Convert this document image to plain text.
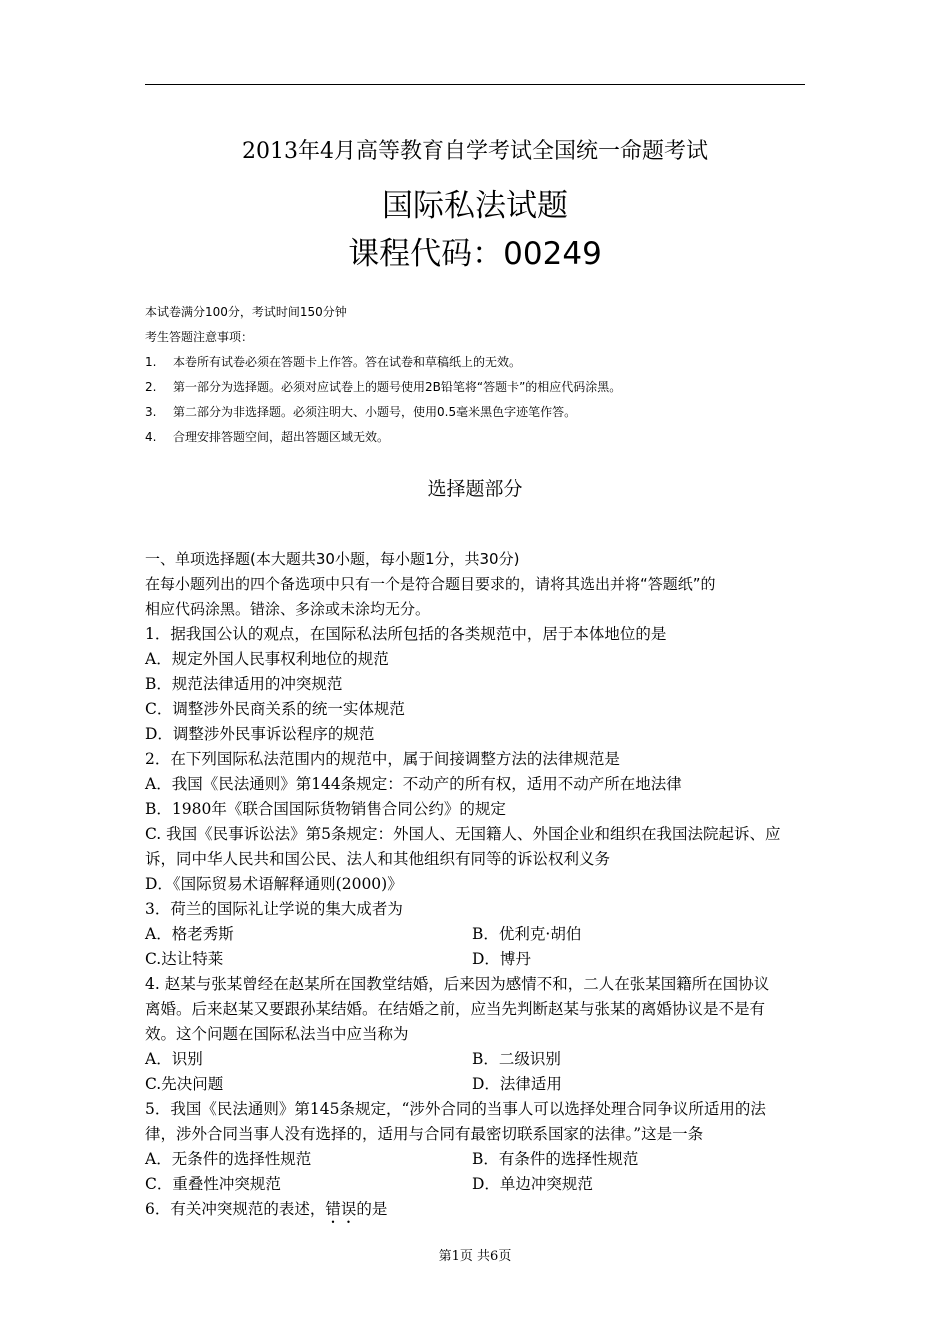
2013年4月高等教育自学考试全国统一命题考试
国际私法试题
课程代码：00249
本试卷满分100分，考试时间150分钟
考生答题注意事项：
1. 本卷所有试卷必须在答题卡上作答。答在试卷和草稿纸上的无效。
2. 第一部分为选择题。必须对应试卷上的题号使用2B铅笔将“答题卡”的相应代码涂黑。
3. 第二部分为非选择题。必须注明大、小题号，使用0.5毫米黑色字迹笔作答。
4. 合理安排答题空间，超出答题区域无效。
选择题部分
一、单项选择题(本大题共30小题，每小题1分，共30分)
在每小题列出的四个备选项中只有一个是符合题目要求的，请将其选出并将“答题纸”的
相应代码涂黑。错涂、多涂或未涂均无分。
1．据我国公认的观点，在国际私法所包括的各类规范中，居于本体地位的是
A．规定外国人民事权利地位的规范
B．规范法律适用的冲突规范
C．调整涉外民商关系的统一实体规范
D．调整涉外民事诉讼程序的规范
2．在下列国际私法范围内的规范中，属于间接调整方法的法律规范是
A．我国《民法通则》第144条规定：不动产的所有权，适用不动产所在地法律
B．1980年《联合国国际货物销售合同公约》的规定
C. 我国《民事诉讼法》第5条规定：外国人、无国籍人、外国企业和组织在我国法院起诉、应
诉，同中华人民共和国公民、法人和其他组织有同等的诉讼权利义务
D．《国际贸易术语解释通则(2000)》
3．荷兰的国际礼让学说的集大成者为
A．格老秀斯	B．优利克·胡伯
C.达让特莱	D．博丹
4. 赵某与张某曾经在赵某所在国教堂结婚，后来因为感情不和，二人在张某国籍所在国协议
离婚。后来赵某又要跟孙某结婚。在结婚之前，应当先判断赵某与张某的离婚协议是不是有
效。这个问题在国际私法当中应当称为
A．识别	B．二级识别
C.先决问题	D．法律适用
5．我国《民法通则》第145条规定，“涉外合同的当事人可以选择处理合同争议所适用的法
律，涉外合同当事人没有选择的，适用与合同有最密切联系国家的法律。”这是一条
A．无条件的选择性规范	B．有条件的选择性规范
C．重叠性冲突规范	D．单边冲突规范
6．有关冲突规范的表述，错误的是
第1页 共6页
